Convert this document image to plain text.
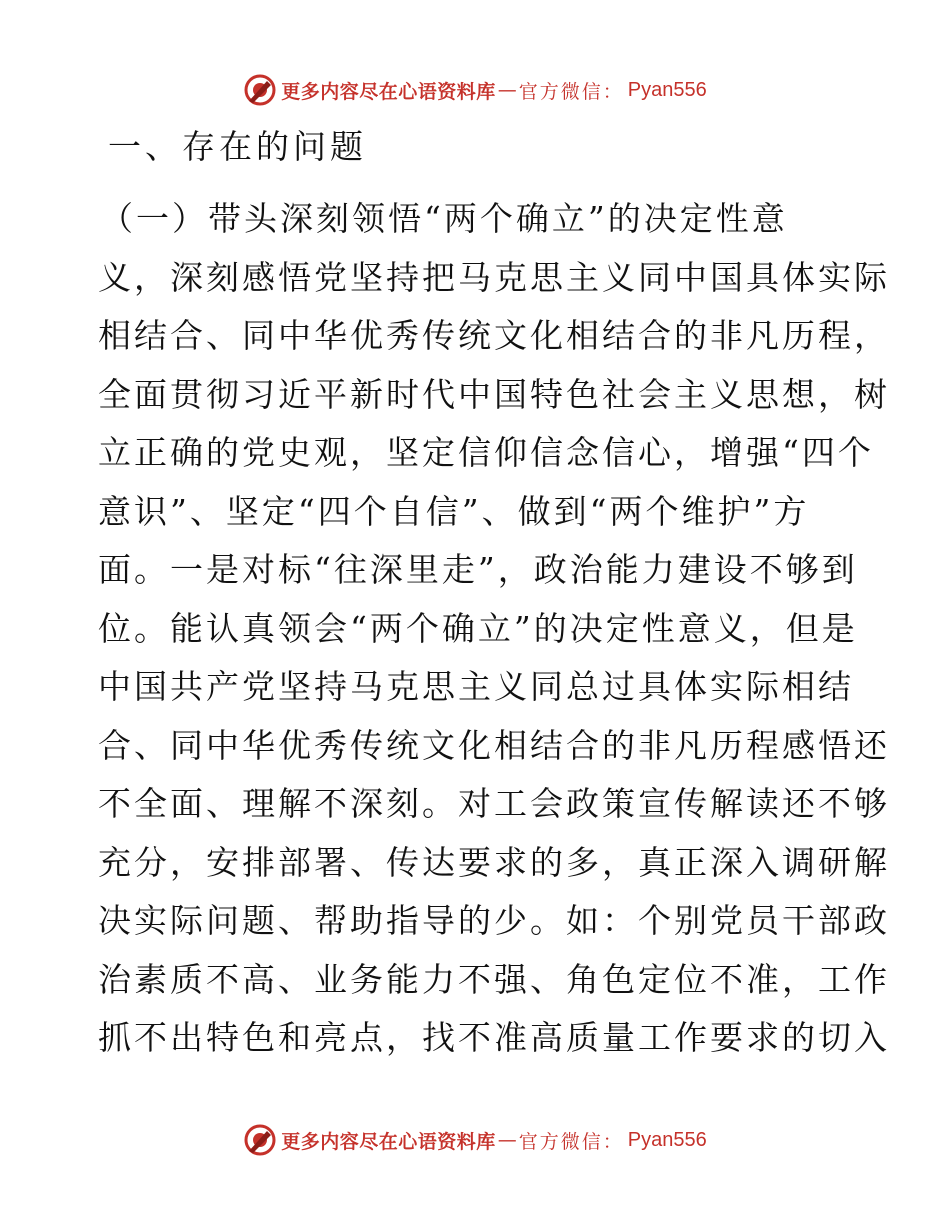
更多内容尽在心语资料库 — 官方微信： Pyan556
一、存在的问题
（一）带头深刻领悟“两个确立”的决定性意
义，深刻感悟党坚持把马克思主义同中国具体实际
相结合、同中华优秀传统文化相结合的非凡历程，
全面贯彻习近平新时代中国特色社会主义思想，树
立正确的党史观，坚定信仰信念信心，增强“四个
意识”、坚定“四个自信”、做到“两个维护”方
面。一是对标“往深里走”，政治能力建设不够到
位。能认真领会“两个确立”的决定性意义，但是
中国共产党坚持马克思主义同总过具体实际相结
合、同中华优秀传统文化相结合的非凡历程感悟还
不全面、理解不深刻。对工会政策宣传解读还不够
充分，安排部署、传达要求的多，真正深入调研解
决实际问题、帮助指导的少。如：个别党员干部政
治素质不高、业务能力不强、角色定位不准，工作
抓不出特色和亮点，找不准高质量工作要求的切入
更多内容尽在心语资料库 — 官方微信： Pyan556
